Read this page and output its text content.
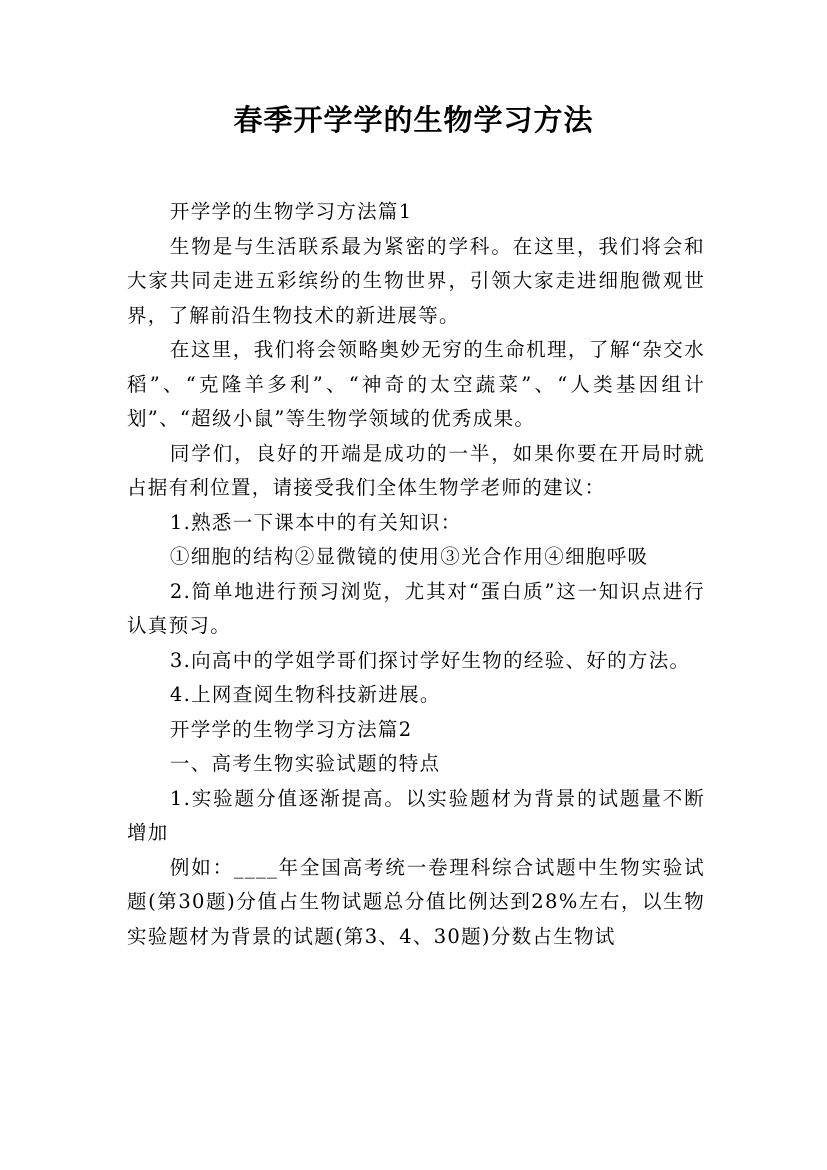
春季开学学的生物学习方法

开学学的生物学习方法篇1

生物是与生活联系最为紧密的学科。在这里，我们将会和大家共同走进五彩缤纷的生物世界，引领大家走进细胞微观世界，了解前沿生物技术的新进展等。

在这里，我们将会领略奥妙无穷的生命机理，了解“杂交水稻”、“克隆羊多利”、“神奇的太空蔬菜”、“人类基因组计划”、“超级小鼠”等生物学领域的优秀成果。

同学们，良好的开端是成功的一半，如果你要在开局时就占据有利位置，请接受我们全体生物学老师的建议：

1.熟悉一下课本中的有关知识：

①细胞的结构②显微镜的使用③光合作用④细胞呼吸

2.简单地进行预习浏览，尤其对“蛋白质”这一知识点进行认真预习。

3.向高中的学姐学哥们探讨学好生物的经验、好的方法。

4.上网查阅生物科技新进展。

开学学的生物学习方法篇2

一、高考生物实验试题的特点

1.实验题分值逐渐提高。以实验题材为背景的试题量不断增加

例如：____年全国高考统一卷理科综合试题中生物实验试题(第30题)分值占生物试题总分值比例达到28%左右，以生物实验题材为背景的试题(第3、4、30题)分数占生物试
